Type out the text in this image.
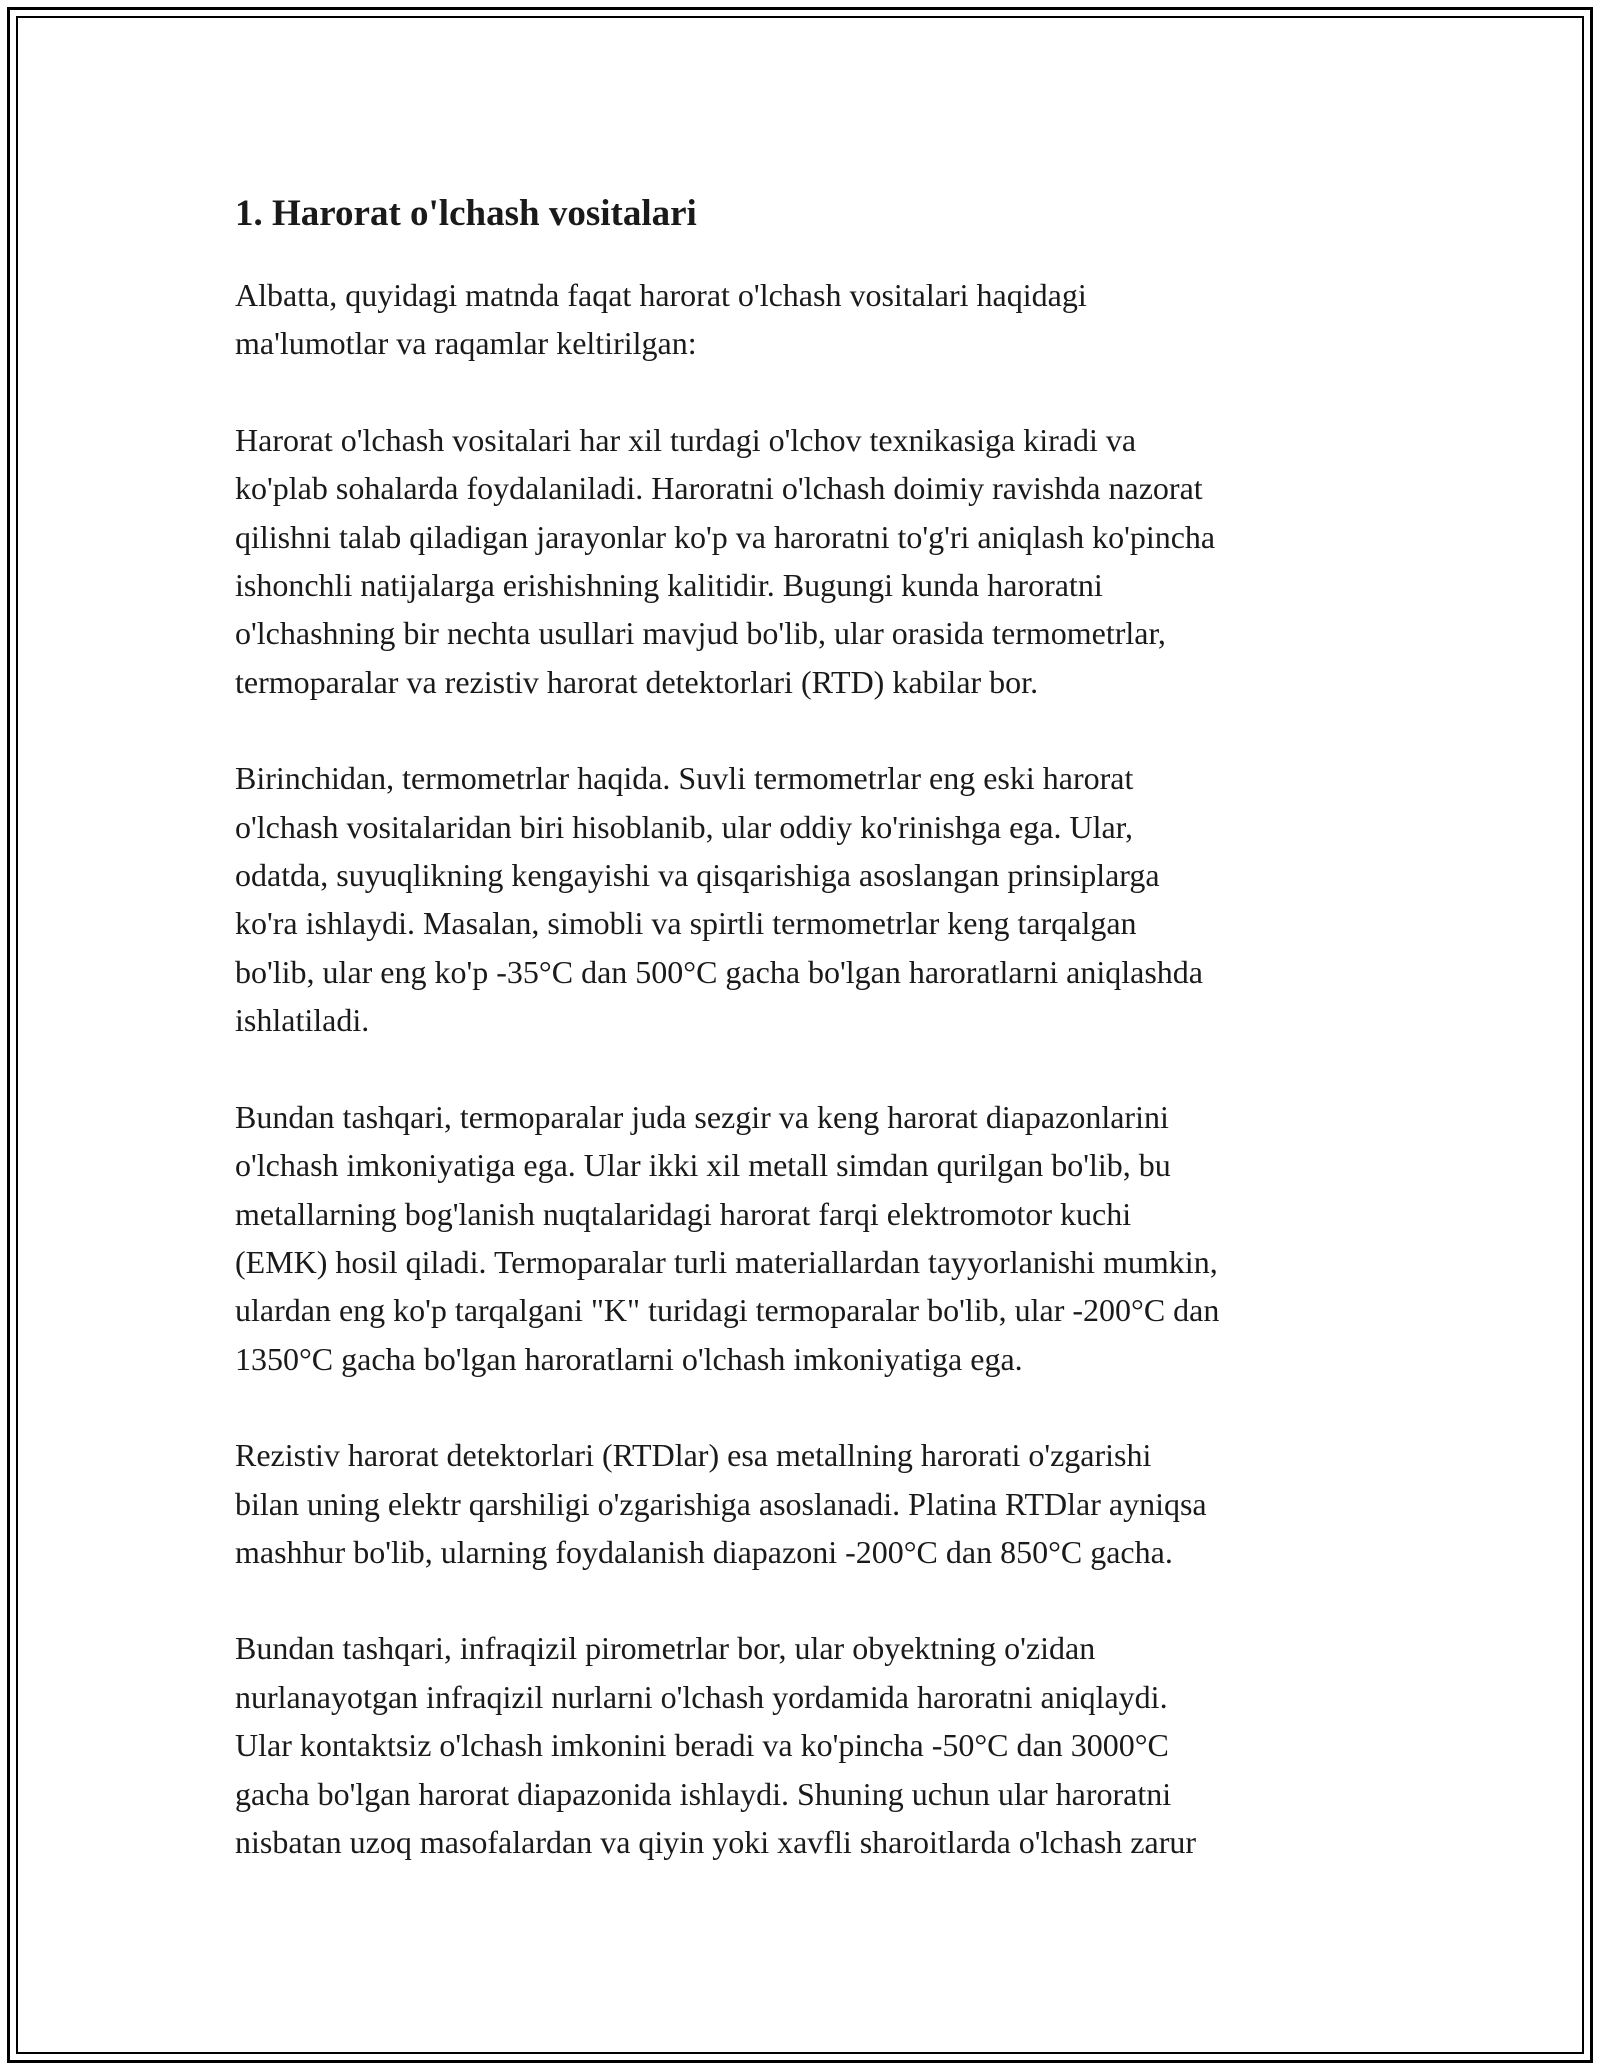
1. Harorat o'lchash vositalari

Albatta, quyidagi matnda faqat harorat o'lchash vositalari haqidagi
ma'lumotlar va raqamlar keltirilgan:

Harorat o'lchash vositalari har xil turdagi o'lchov texnikasiga kiradi va
ko'plab sohalarda foydalaniladi. Haroratni o'lchash doimiy ravishda nazorat
qilishni talab qiladigan jarayonlar ko'p va haroratni to'g'ri aniqlash ko'pincha
ishonchli natijalarga erishishning kalitidir. Bugungi kunda haroratni
o'lchashning bir nechta usullari mavjud bo'lib, ular orasida termometrlar,
termoparalar va rezistiv harorat detektorlari (RTD) kabilar bor.

Birinchidan, termometrlar haqida. Suvli termometrlar eng eski harorat
o'lchash vositalaridan biri hisoblanib, ular oddiy ko'rinishga ega. Ular,
odatda, suyuqlikning kengayishi va qisqarishiga asoslangan prinsiplarga
ko'ra ishlaydi. Masalan, simobli va spirtli termometrlar keng tarqalgan
bo'lib, ular eng ko'p -35°C dan 500°C gacha bo'lgan haroratlarni aniqlashda
ishlatiladi.

Bundan tashqari, termoparalar juda sezgir va keng harorat diapazonlarini
o'lchash imkoniyatiga ega. Ular ikki xil metall simdan qurilgan bo'lib, bu
metallarning bog'lanish nuqtalaridagi harorat farqi elektromotor kuchi
(EMK) hosil qiladi. Termoparalar turli materiallardan tayyorlanishi mumkin,
ulardan eng ko'p tarqalgani "K" turidagi termoparalar bo'lib, ular -200°C dan
1350°C gacha bo'lgan haroratlarni o'lchash imkoniyatiga ega.

Rezistiv harorat detektorlari (RTDlar) esa metallning harorati o'zgarishi
bilan uning elektr qarshiligi o'zgarishiga asoslanadi. Platina RTDlar ayniqsa
mashhur bo'lib, ularning foydalanish diapazoni -200°C dan 850°C gacha.

Bundan tashqari, infraqizil pirometrlar bor, ular obyektning o'zidan
nurlanayotgan infraqizil nurlarni o'lchash yordamida haroratni aniqlaydi.
Ular kontaktsiz o'lchash imkonini beradi va ko'pincha -50°C dan 3000°C
gacha bo'lgan harorat diapazonida ishlaydi. Shuning uchun ular haroratni
nisbatan uzoq masofalardan va qiyin yoki xavfli sharoitlarda o'lchash zarur
